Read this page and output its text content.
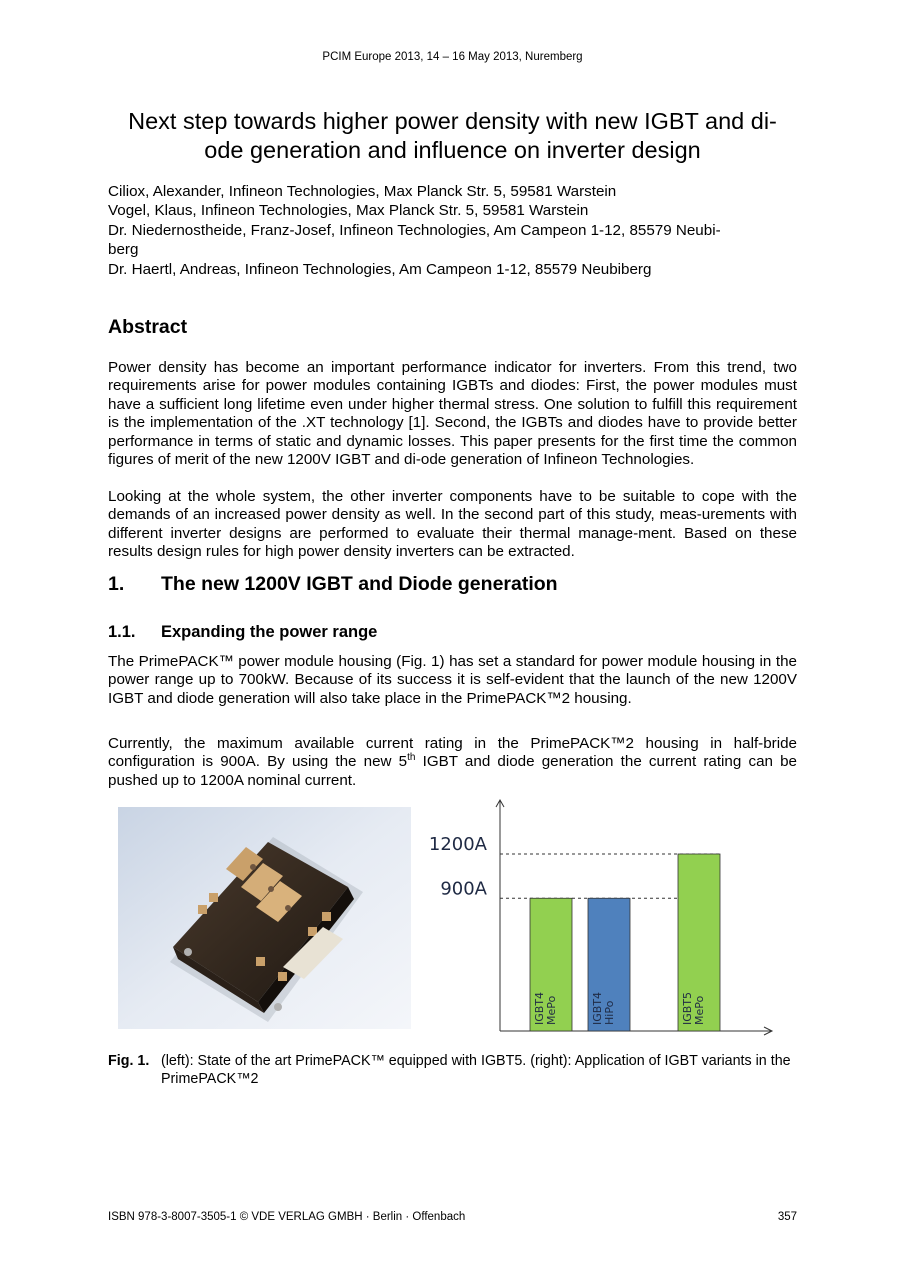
PCIM Europe 2013, 14 – 16 May 2013, Nuremberg
Next step towards higher power density with new IGBT and di-
ode generation and influence on inverter design
Ciliox, Alexander, Infineon Technologies, Max Planck Str. 5, 59581 Warstein
Vogel, Klaus, Infineon Technologies, Max Planck Str. 5, 59581 Warstein
Dr. Niedernostheide, Franz-Josef, Infineon Technologies, Am Campeon 1-12, 85579 Neubi-
berg
Dr. Haertl, Andreas, Infineon Technologies, Am Campeon 1-12, 85579 Neubiberg
Abstract

Power density has become an important performance indicator for inverters. From this trend, two requirements arise for power modules containing IGBTs and diodes: First, the power modules must have a sufficient long lifetime even under higher thermal stress. One solution to fulfill this requirement is the implementation of the .XT technology [1]. Second, the IGBTs and diodes have to provide better performance in terms of static and dynamic losses. This paper presents for the first time the common figures of merit of the new 1200V IGBT and di-ode generation of Infineon Technologies.

Looking at the whole system, the other inverter components have to be suitable to cope with the demands of an increased power density as well. In the second part of this study, meas-urements with different inverter designs are performed to evaluate their thermal manage-ment. Based on these results design rules for high power density inverters can be extracted.

1. The new 1200V IGBT and Diode generation
1.1. Expanding the power range

The PrimePACK™ power module housing (Fig. 1) has set a standard for power module housing in the power range up to 700kW. Because of its success it is self-evident that the launch of the new 1200V IGBT and diode generation will also take place in the PrimePACK™2 housing.

Currently, the maximum available current rating in the PrimePACK™2 housing in half-bride configuration is 900A. By using the new 5th IGBT and diode generation the current rating can be pushed up to 1200A nominal current.

1200A
900A
IGBT4 MePo	IGBT4 HiPo	IGBT5 MePo
Fig. 1. (left): State of the art PrimePACK™ equipped with IGBT5. (right): Application of IGBT variants in the PrimePACK™2
ISBN 978-3-8007-3505-1 © VDE VERLAG GMBH · Berlin · Offenbach	357
